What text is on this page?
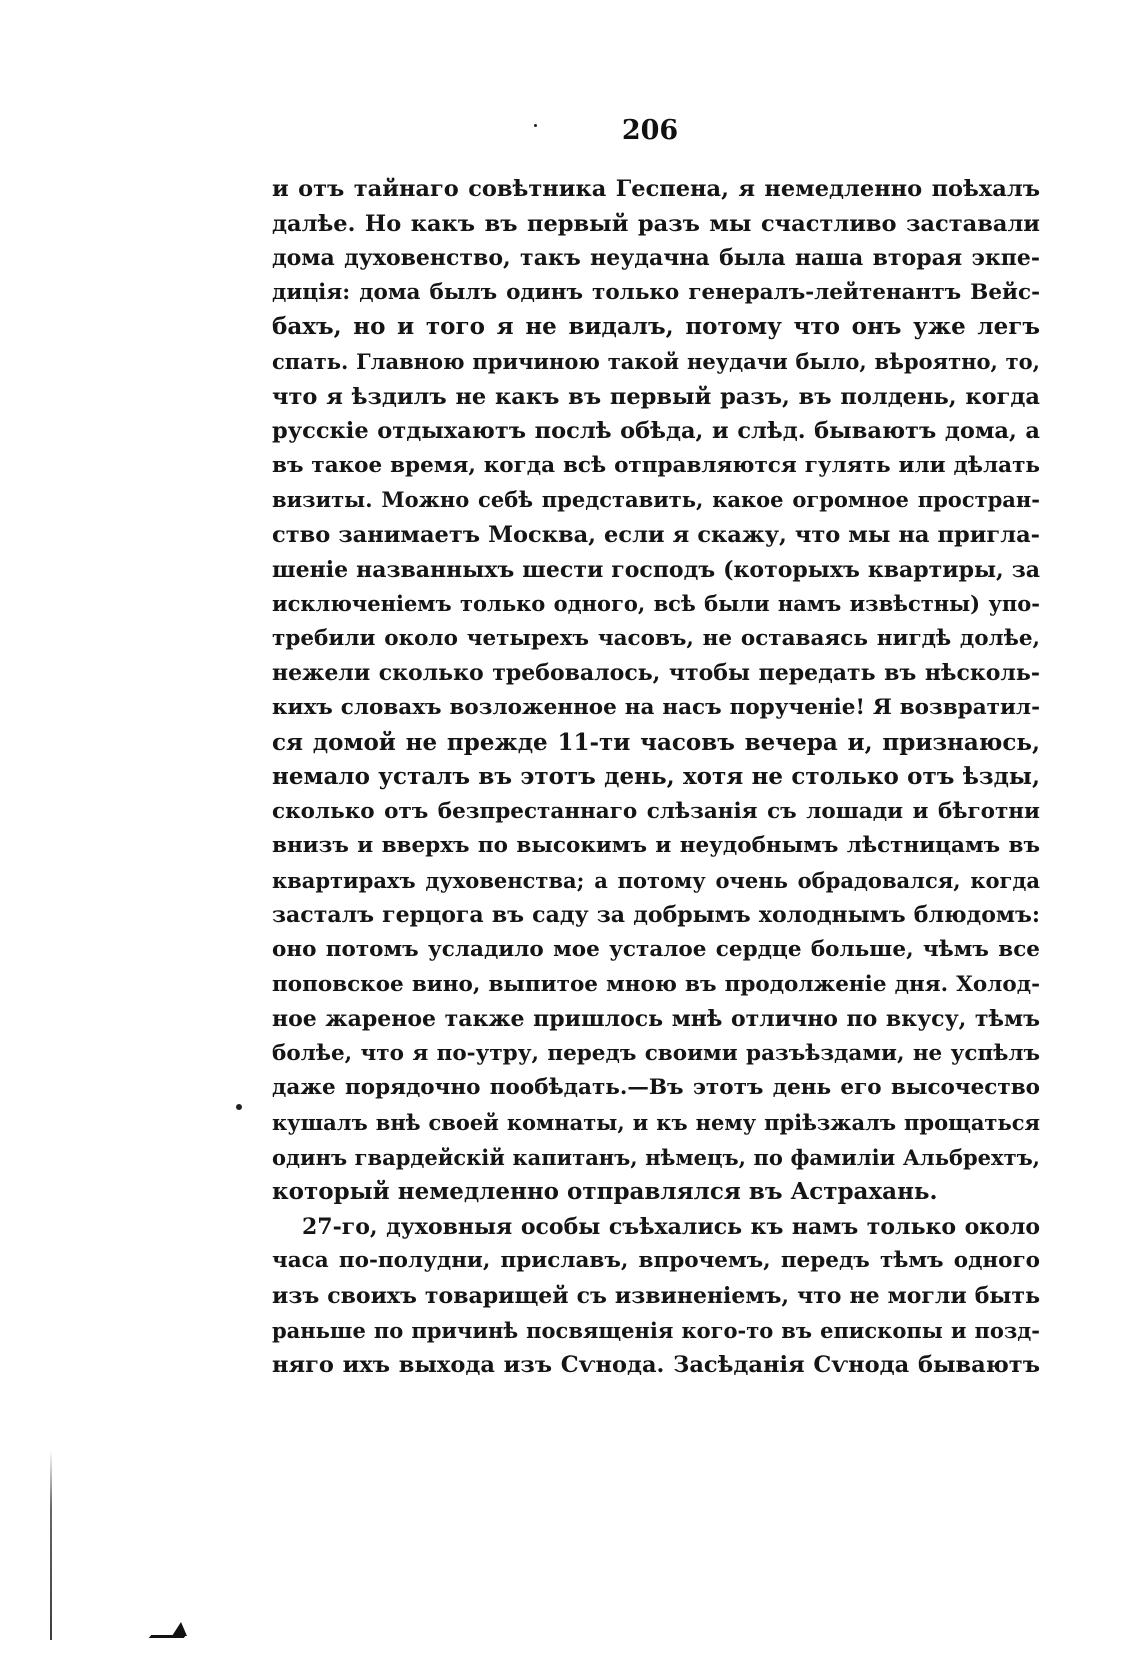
206
и отъ тайнаго совѣтника Геспена, я немедленно поѣхалъ
далѣе. Но какъ въ первый разъ мы счастливо заставали
дома духовенство, такъ неудачна была наша вторая экпе-
диція: дома былъ одинъ только генералъ-лейтенантъ Вейс-
бахъ, но и того я не видалъ, потому что онъ уже легъ
спать. Главною причиною такой неудачи было, вѣроятно, то,
что я ѣздилъ не какъ въ первый разъ, въ полдень, когда
русскіе отдыхаютъ послѣ обѣда, и слѣд. бываютъ дома, а
въ такое время, когда всѣ отправляются гулять или дѣлать
визиты. Можно себѣ представить, какое огромное простран-
ство занимаетъ Москва, если я скажу, что мы на пригла-
шеніе названныхъ шести господъ (которыхъ квартиры, за
исключеніемъ только одного, всѣ были намъ извѣстны) упо-
требили около четырехъ часовъ, не оставаясь нигдѣ долѣе,
нежели сколько требовалось, чтобы передать въ нѣсколь-
кихъ словахъ возложенное на насъ порученіе! Я возвратил-
ся домой не прежде 11-ти часовъ вечера и, признаюсь,
немало усталъ въ этотъ день, хотя не столько отъ ѣзды,
сколько отъ безпрестаннаго слѣзанія съ лошади и бѣготни
внизъ и вверхъ по высокимъ и неудобнымъ лѣстницамъ въ
квартирахъ духовенства; а потому очень обрадовался, когда
засталъ герцога въ саду за добрымъ холоднымъ блюдомъ:
оно потомъ усладило мое усталое сердце больше, чѣмъ все
поповское вино, выпитое мною въ продолженіе дня. Холод-
ное жареное также пришлось мнѣ отлично по вкусу, тѣмъ
болѣе, что я по-утру, передъ своими разъѣздами, не успѣлъ
даже порядочно пообѣдать.—Въ этотъ день его высочество
кушалъ внѣ своей комнаты, и къ нему пріѣзжалъ прощаться
одинъ гвардейскій капитанъ, нѣмецъ, по фамиліи Альбрехтъ,
который немедленно отправлялся въ Астрахань.
27-го, духовныя особы съѣхались къ намъ только около
часа по-полудни, приславъ, впрочемъ, передъ тѣмъ одного
изъ своихъ товарищей съ извиненіемъ, что не могли быть
раньше по причинѣ посвященія кого-то въ епископы и позд-
няго ихъ выхода изъ Сѵнода. Засѣданія Сѵнода бываютъ
